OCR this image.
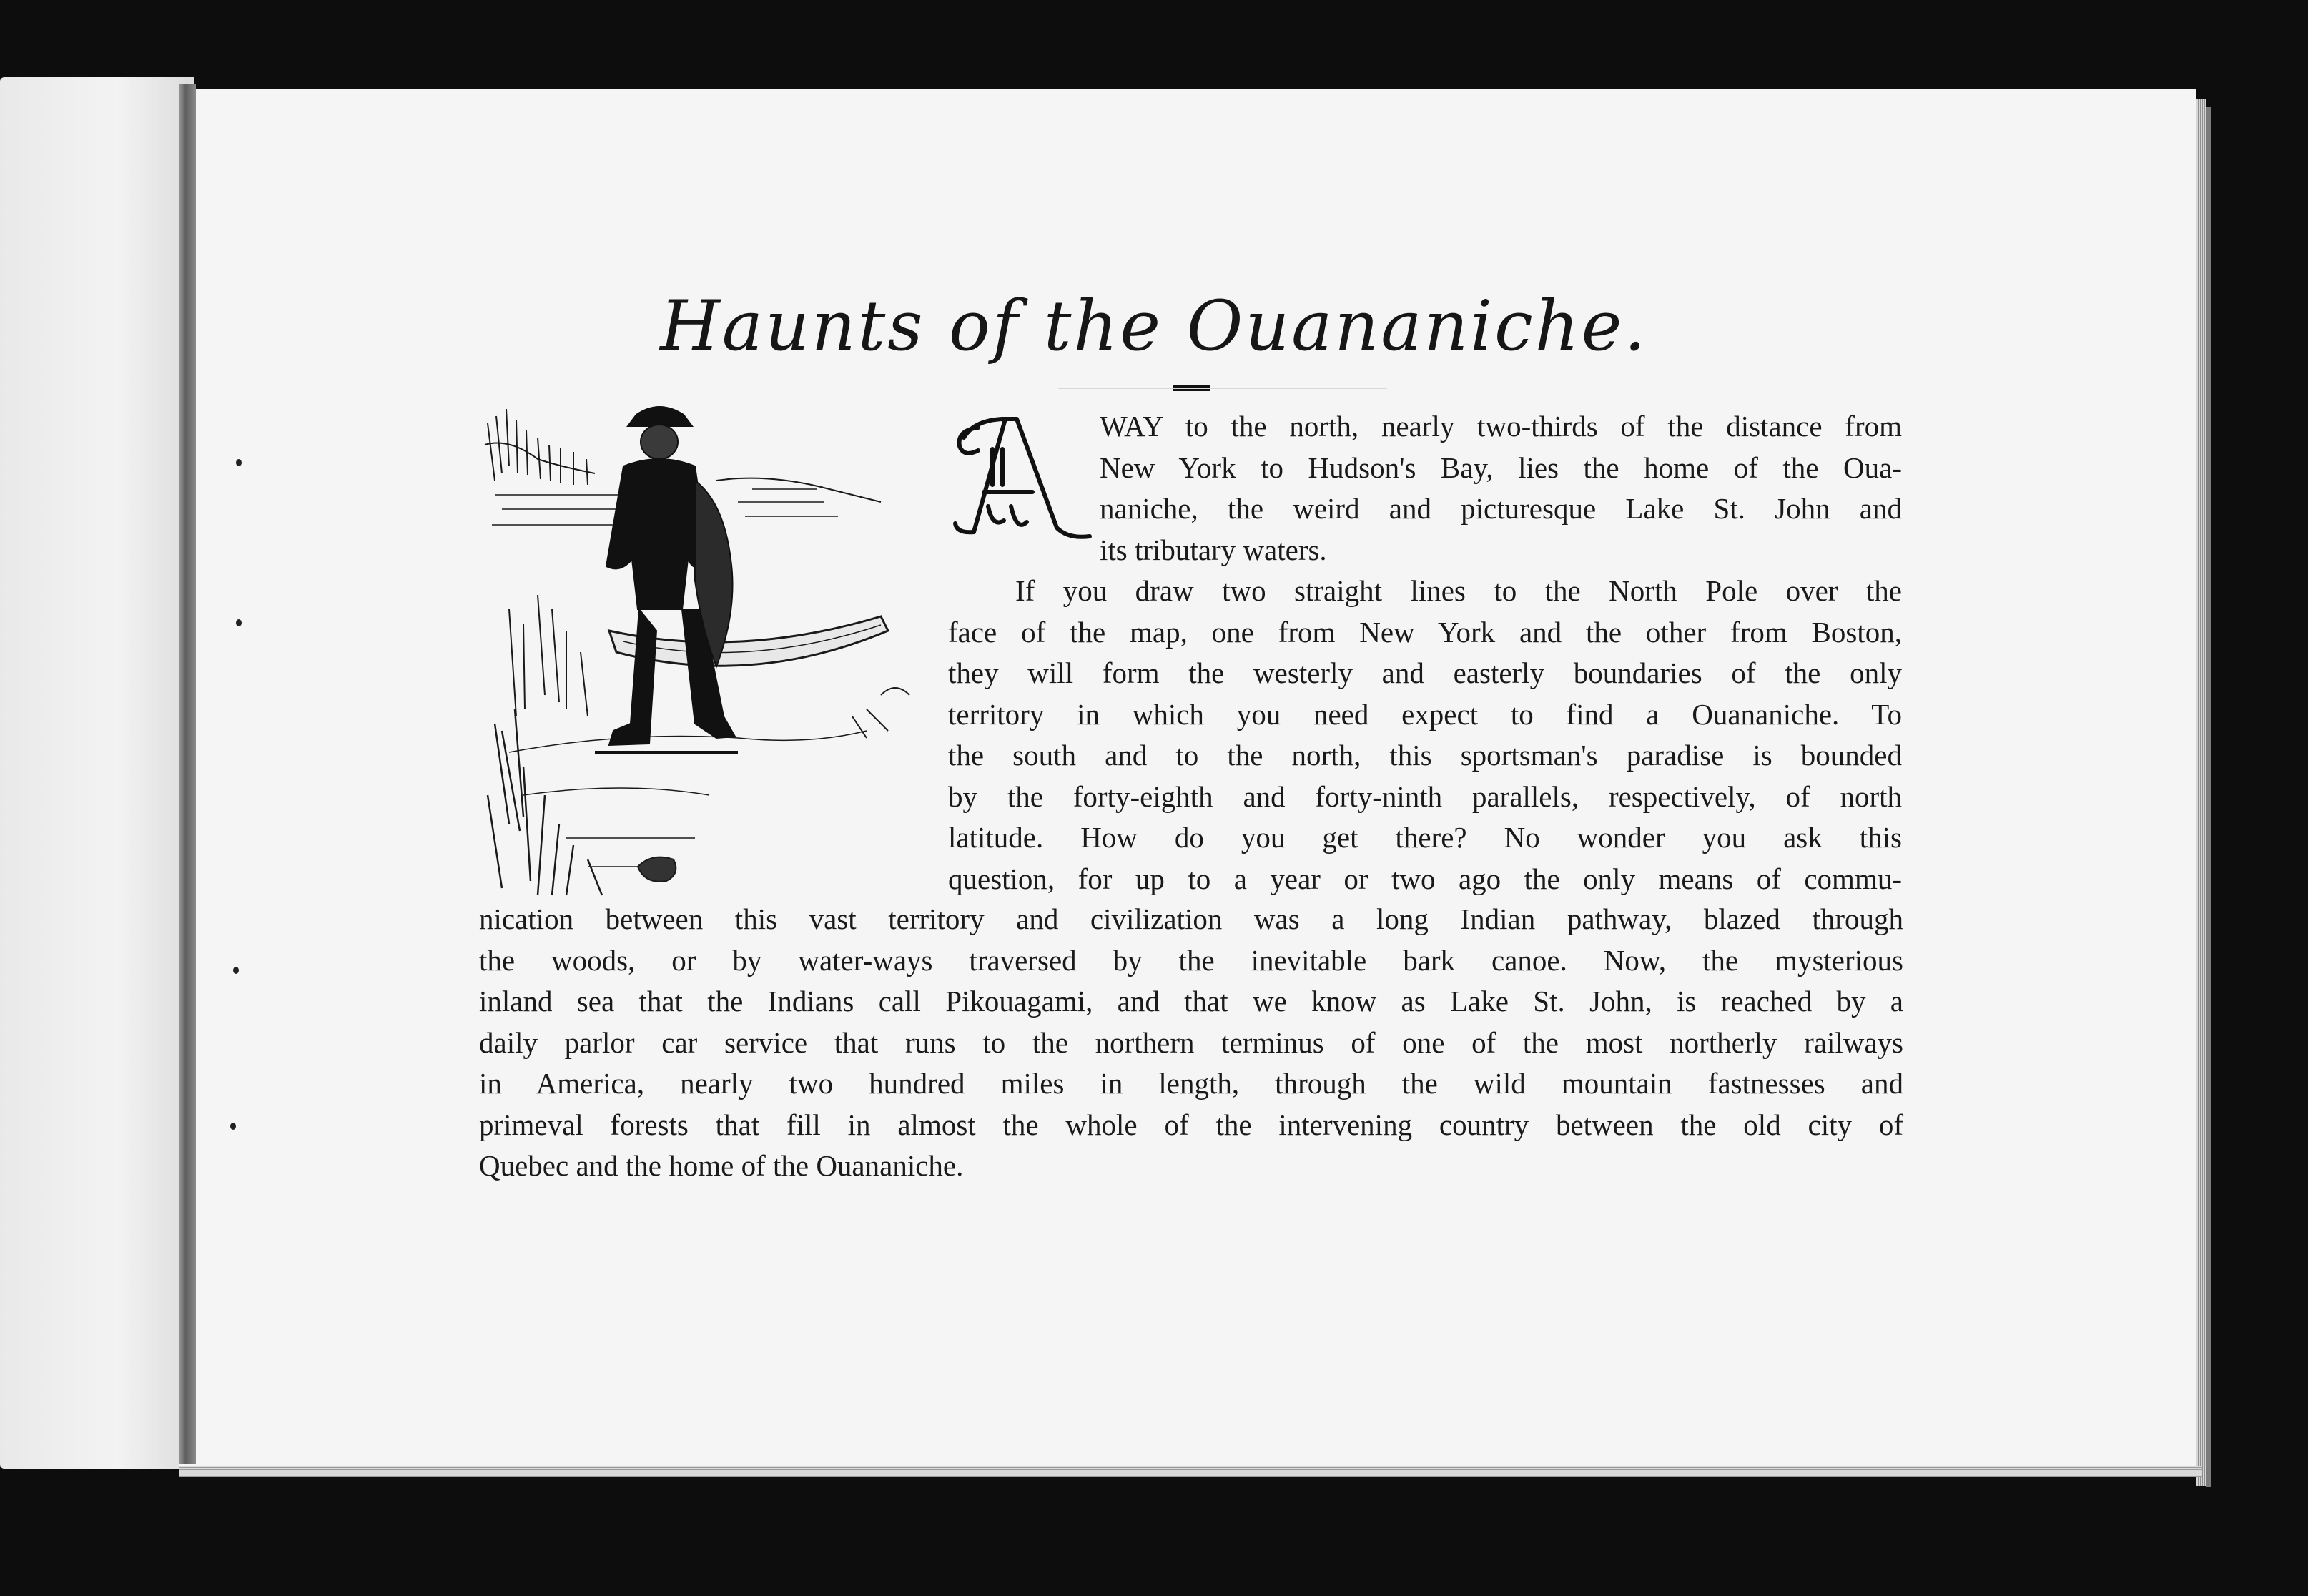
Haunts of the Ouananiche.
A
WAY to the north, nearly two-thirds of the distance from
New York to Hudson's Bay, lies the home of the Oua-
naniche, the weird and picturesque Lake St. John and
its tributary waters.
If you draw two straight lines to the North Pole over the
face of the map, one from New York and the other from Boston,
they will form the westerly and easterly boundaries of the only
territory in which you need expect to find a Ouananiche. To
the south and to the north, this sportsman's paradise is bounded
by the forty-eighth and forty-ninth parallels, respectively, of north
latitude. How do you get there? No wonder you ask this
question, for up to a year or two ago the only means of commu-
nication between this vast territory and civilization was a long Indian pathway, blazed through
the woods, or by water-ways traversed by the inevitable bark canoe. Now, the mysterious
inland sea that the Indians call Pikouagami, and that we know as Lake St. John, is reached by a
daily parlor car service that runs to the northern terminus of one of the most northerly railways
in America, nearly two hundred miles in length, through the wild mountain fastnesses and
primeval forests that fill in almost the whole of the intervening country between the old city of
Quebec and the home of the Ouananiche.
